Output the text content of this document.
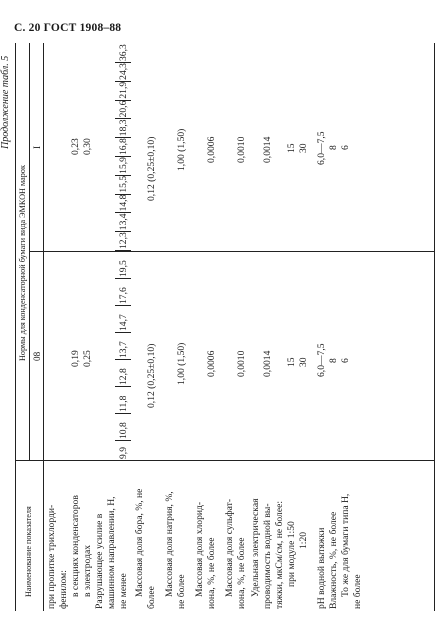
С. 20 ГОСТ 1908–88
Продолжение табл. 5
Наименование показателя
Нормы для конденсаторной бумаги вида ЭМКОН марок 08
I
при пропитке трихлорди- фенилом: в секциях конденсаторов в электродах Разрушающее усилие в машинном направлении, Н, не менее Массовая доля бора, %, не
более
Массовая доля натрия, %, не более Массовая доля хлорид- иона, %, не более Массовая доля сульфат- иона, %, не более Удельная электрическая проводимость водной вы- тяжки, мкСм/см, не более: при модуле 1:50 1:20 pH водной вытяжки Влажность, %, не более То же для бумаги типа Н, не более
0,19 0,25	0,12 (0,25±0,10) 1,00 (1,50) 0,0006 0,0010 0,0014 15 30 6,0—7,5 8 6
0,23 0,30	0,12 (0,25±0,10) 1,00 (1,50) 0,0006 0,0010 0,0014 15 30 6,0—7,5 8 6
9,9
10,8
11,8
12,8
13,7
14,7
17,6
19,5
12,3
13,4
14,8
15,5
15,9
16,8
18,3
20,6
21,9
24,3
36,3
